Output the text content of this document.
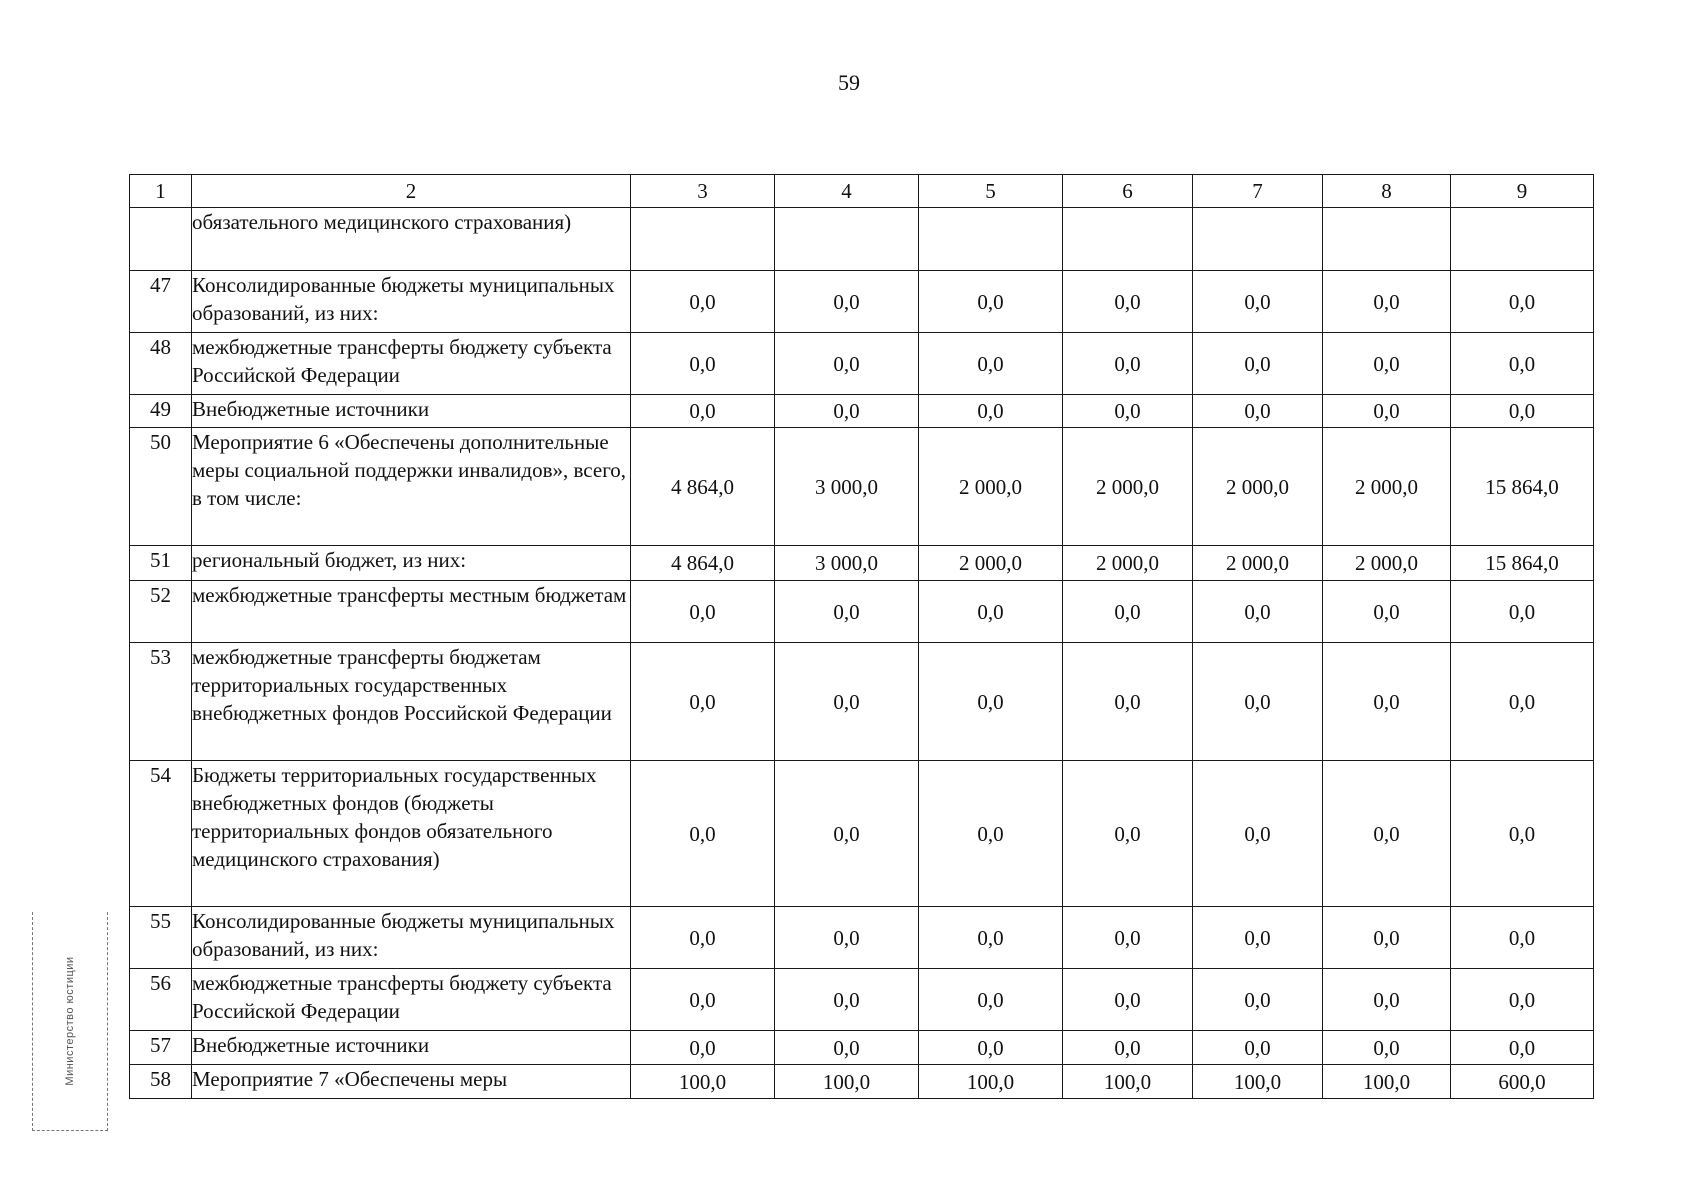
59
1	2	3	4	5	6	7	8	9
	обязательного медицинского страхования)							
47	Консолидированные бюджеты муниципальных образований, из них:	0,0	0,0	0,0	0,0	0,0	0,0	0,0
48	межбюджетные трансферты бюджету субъекта Российской Федерации	0,0	0,0	0,0	0,0	0,0	0,0	0,0
49	Внебюджетные источники	0,0	0,0	0,0	0,0	0,0	0,0	0,0
50	Мероприятие 6 «Обеспечены дополнительные меры социальной поддержки инвалидов», всего, в том числе:	4 864,0	3 000,0	2 000,0	2 000,0	2 000,0	2 000,0	15 864,0
51	региональный бюджет, из них:	4 864,0	3 000,0	2 000,0	2 000,0	2 000,0	2 000,0	15 864,0
52	межбюджетные трансферты местным бюджетам	0,0	0,0	0,0	0,0	0,0	0,0	0,0
53	межбюджетные трансферты бюджетам территориальных государственных внебюджетных фондов Российской Федерации	0,0	0,0	0,0	0,0	0,0	0,0	0,0
54	Бюджеты территориальных государственных внебюджетных фондов (бюджеты территориальных фондов обязательного медицинского страхования)	0,0	0,0	0,0	0,0	0,0	0,0	0,0
55	Консолидированные бюджеты муниципальных образований, из них:	0,0	0,0	0,0	0,0	0,0	0,0	0,0
56	межбюджетные трансферты бюджету субъекта Российской Федерации	0,0	0,0	0,0	0,0	0,0	0,0	0,0
57	Внебюджетные источники	0,0	0,0	0,0	0,0	0,0	0,0	0,0
58	Мероприятие 7 «Обеспечены меры	100,0	100,0	100,0	100,0	100,0	100,0	600,0
Министерство юстиции
